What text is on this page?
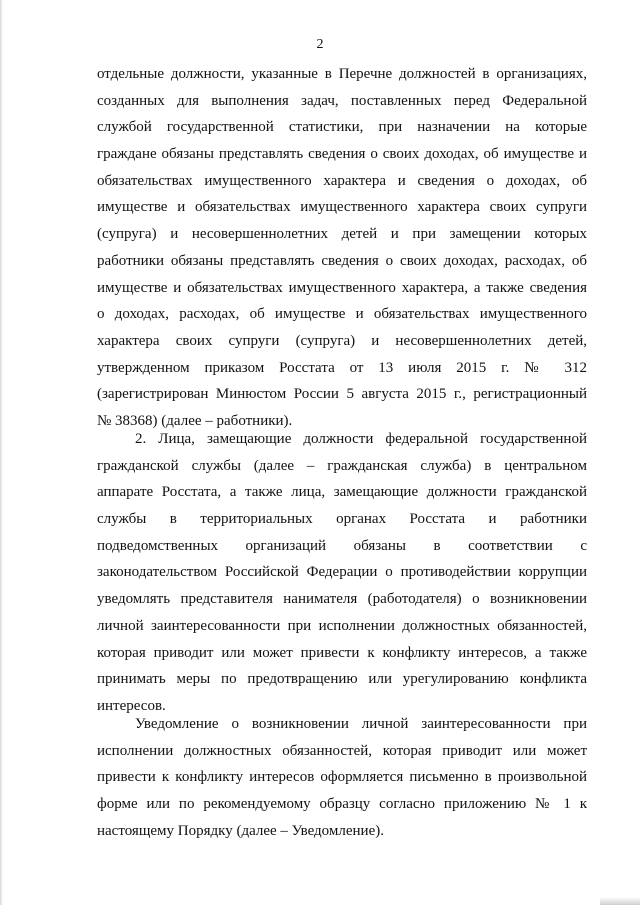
2
отдельные должности, указанные в Перечне должностей в организациях,
созданных для выполнения задач, поставленных перед Федеральной
службой государственной статистики, при назначении на которые
граждане обязаны представлять сведения о своих доходах, об имуществе и
обязательствах имущественного характера и сведения о доходах, об
имуществе и обязательствах имущественного характера своих супруги
(супруга) и несовершеннолетних детей и при замещении которых
работники обязаны представлять сведения о своих доходах, расходах, об
имуществе и обязательствах имущественного характера, а также сведения
о доходах, расходах, об имуществе и обязательствах имущественного
характера своих супруги (супруга) и несовершеннолетних детей,
утвержденном приказом Росстата от 13 июля 2015 г. № 312
(зарегистрирован Минюстом России 5 августа 2015 г., регистрационный
№ 38368) (далее – работники).
2. Лица, замещающие должности федеральной государственной
гражданской службы (далее – гражданская служба) в центральном
аппарате Росстата, а также лица, замещающие должности гражданской
службы в территориальных органах Росстата и работники
подведомственных организаций обязаны в соответствии с
законодательством Российской Федерации о противодействии коррупции
уведомлять представителя нанимателя (работодателя) о возникновении
личной заинтересованности при исполнении должностных обязанностей,
которая приводит или может привести к конфликту интересов, а также
принимать меры по предотвращению или урегулированию конфликта
интересов.
Уведомление о возникновении личной заинтересованности при
исполнении должностных обязанностей, которая приводит или может
привести к конфликту интересов оформляется письменно в произвольной
форме или по рекомендуемому образцу согласно приложению № 1 к
настоящему Порядку (далее – Уведомление).
